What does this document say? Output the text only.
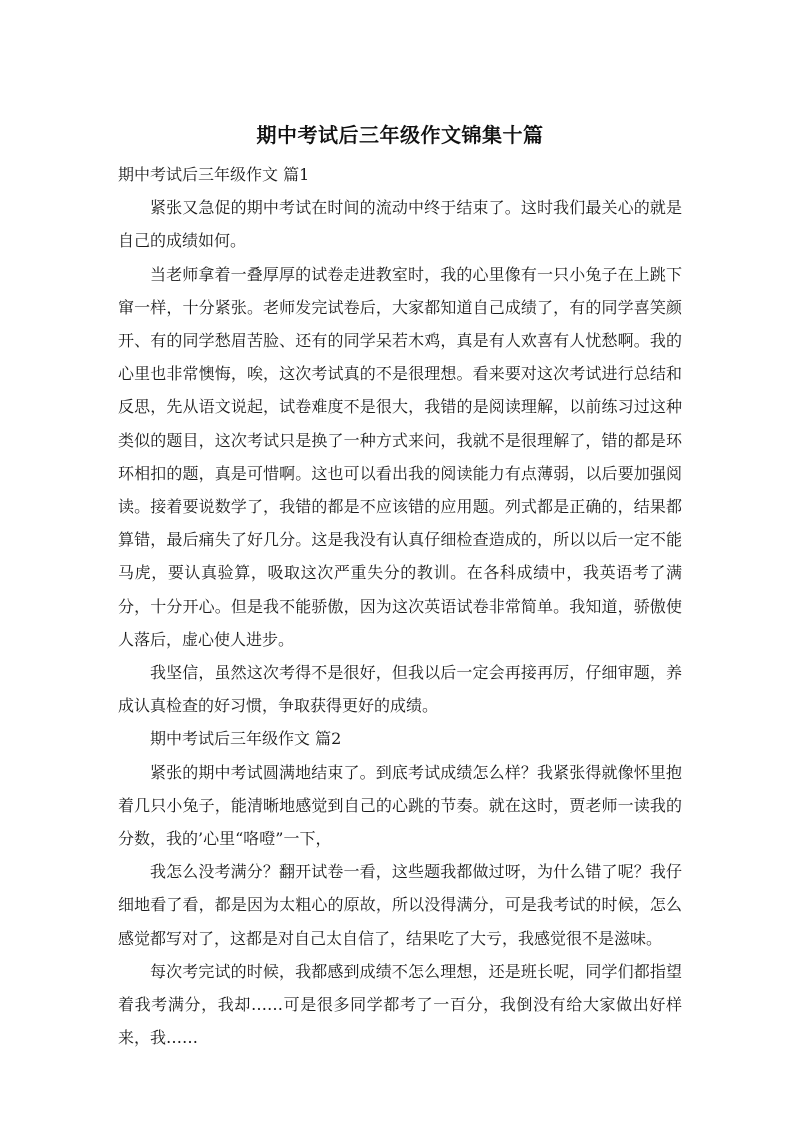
期中考试后三年级作文锦集十篇

期中考试后三年级作文 篇1

紧张又急促的期中考试在时间的流动中终于结束了。这时我们最关心的就是自己的成绩如何。

当老师拿着一叠厚厚的试卷走进教室时，我的心里像有一只小兔子在上跳下窜一样，十分紧张。老师发完试卷后，大家都知道自己成绩了，有的同学喜笑颜开、有的同学愁眉苦脸、还有的同学呆若木鸡，真是有人欢喜有人忧愁啊。我的心里也非常懊悔，唉，这次考试真的不是很理想。看来要对这次考试进行总结和反思，先从语文说起，试卷难度不是很大，我错的是阅读理解，以前练习过这种类似的题目，这次考试只是换了一种方式来问，我就不是很理解了，错的都是环环相扣的题，真是可惜啊。这也可以看出我的阅读能力有点薄弱，以后要加强阅读。接着要说数学了，我错的都是不应该错的应用题。列式都是正确的，结果都算错，最后痛失了好几分。这是我没有认真仔细检查造成的，所以以后一定不能马虎，要认真验算，吸取这次严重失分的教训。在各科成绩中，我英语考了满分，十分开心。但是我不能骄傲，因为这次英语试卷非常简单。我知道，骄傲使人落后，虚心使人进步。

我坚信，虽然这次考得不是很好，但我以后一定会再接再厉，仔细审题，养成认真检查的好习惯，争取获得更好的成绩。

期中考试后三年级作文 篇2

紧张的期中考试圆满地结束了。到底考试成绩怎么样？我紧张得就像怀里抱着几只小兔子，能清晰地感觉到自己的心跳的节奏。就在这时，贾老师一读我的分数，我的’心里“咯噔”一下，

我怎么没考满分？翻开试卷一看，这些题我都做过呀，为什么错了呢？我仔细地看了看，都是因为太粗心的原故，所以没得满分，可是我考试的时候，怎么感觉都写对了，这都是对自己太自信了，结果吃了大亏，我感觉很不是滋味。

每次考完试的时候，我都感到成绩不怎么理想，还是班长呢，同学们都指望着我考满分，我却……可是很多同学都考了一百分，我倒没有给大家做出好样来，我……
